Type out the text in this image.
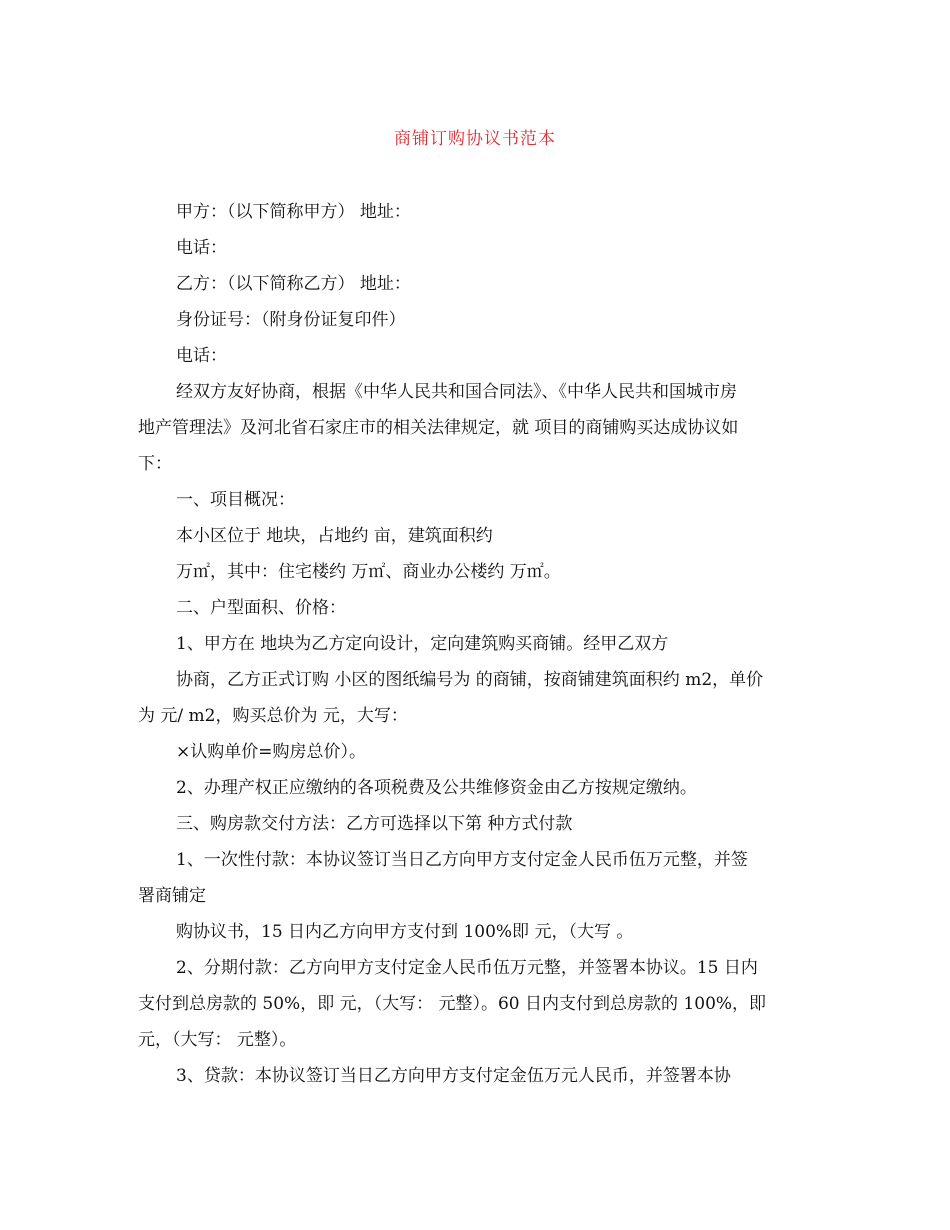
商铺订购协议书范本
甲方：（以下简称甲方） 地址：
电话：
乙方：（以下简称乙方） 地址：
身份证号：（附身份证复印件）
电话：
经双方友好协商，根据《中华人民共和国合同法》、《中华人民共和国城市房
地产管理法》及河北省石家庄市的相关法律规定，就 项目的商铺购买达成协议如
下：
一、项目概况：
本小区位于 地块，占地约 亩，建筑面积约
万㎡，其中：住宅楼约 万㎡、商业办公楼约 万㎡。
二、户型面积、价格：
1、甲方在 地块为乙方定向设计，定向建筑购买商铺。经甲乙双方
协商，乙方正式订购 小区的图纸编号为 的商铺，按商铺建筑面积约 m2，单价
为 元/ m2，购买总价为 元，大写：
×认购单价=购房总价）。
2、办理产权正应缴纳的各项税费及公共维修资金由乙方按规定缴纳。
三、购房款交付方法：乙方可选择以下第 种方式付款
1、一次性付款：本协议签订当日乙方向甲方支付定金人民币伍万元整，并签
署商铺定
购协议书，15 日内乙方向甲方支付到 100%即 元，（大写 。
2、分期付款：乙方向甲方支付定金人民币伍万元整，并签署本协议。15 日内
支付到总房款的 50%，即 元，（大写： 元整）。60 日内支付到总房款的 100%，即
元，（大写： 元整）。
3、贷款：本协议签订当日乙方向甲方支付定金伍万元人民币，并签署本协
